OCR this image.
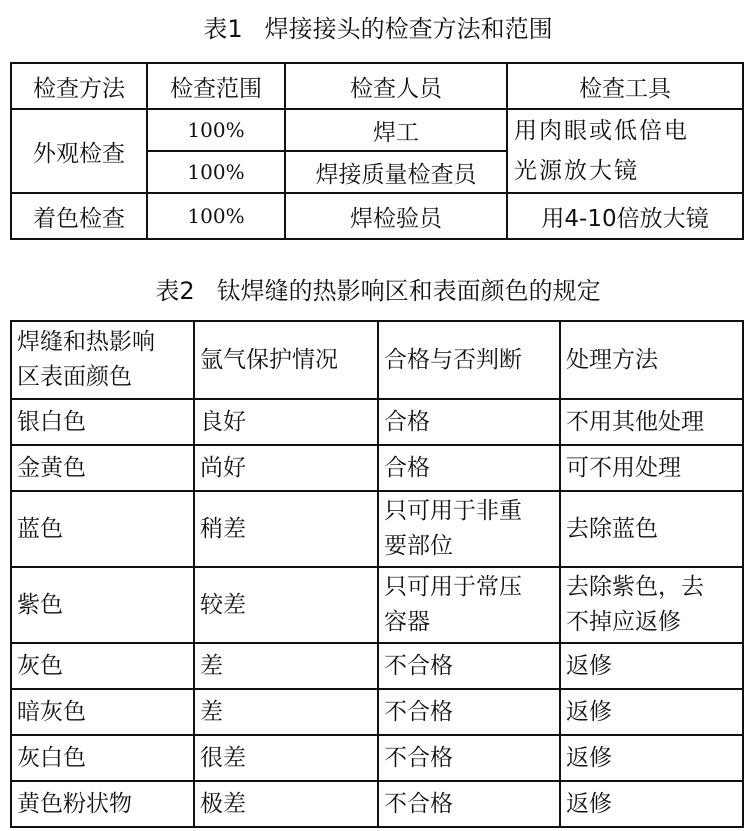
表1 焊接接头的检查方法和范围
检查方法	检查范围	检查人员	检查工具
外观检查	100%	焊工	用肉眼或低倍电
光源放大镜

	100%	焊接质量检查员	
着色检查	100%	焊检验员	用4-10倍放大镜
表2 钛焊缝的热影响区和表面颜色的规定
焊缝和热影响
区表面颜色	氩气保护情况	合格与否判断	处理方法
银白色	良好	合格	不用其他处理

金黄色	尚好	合格	可不用处理

蓝色	稍差	只可用于非重
要部位	去除蓝色

紫色	较差	只可用于常压
容器	去除紫色，去
不掉应返修

灰色	差	不合格	返修

暗灰色	差	不合格	返修

灰白色	很差	不合格	返修

黄色粉状物	极差	不合格	返修
